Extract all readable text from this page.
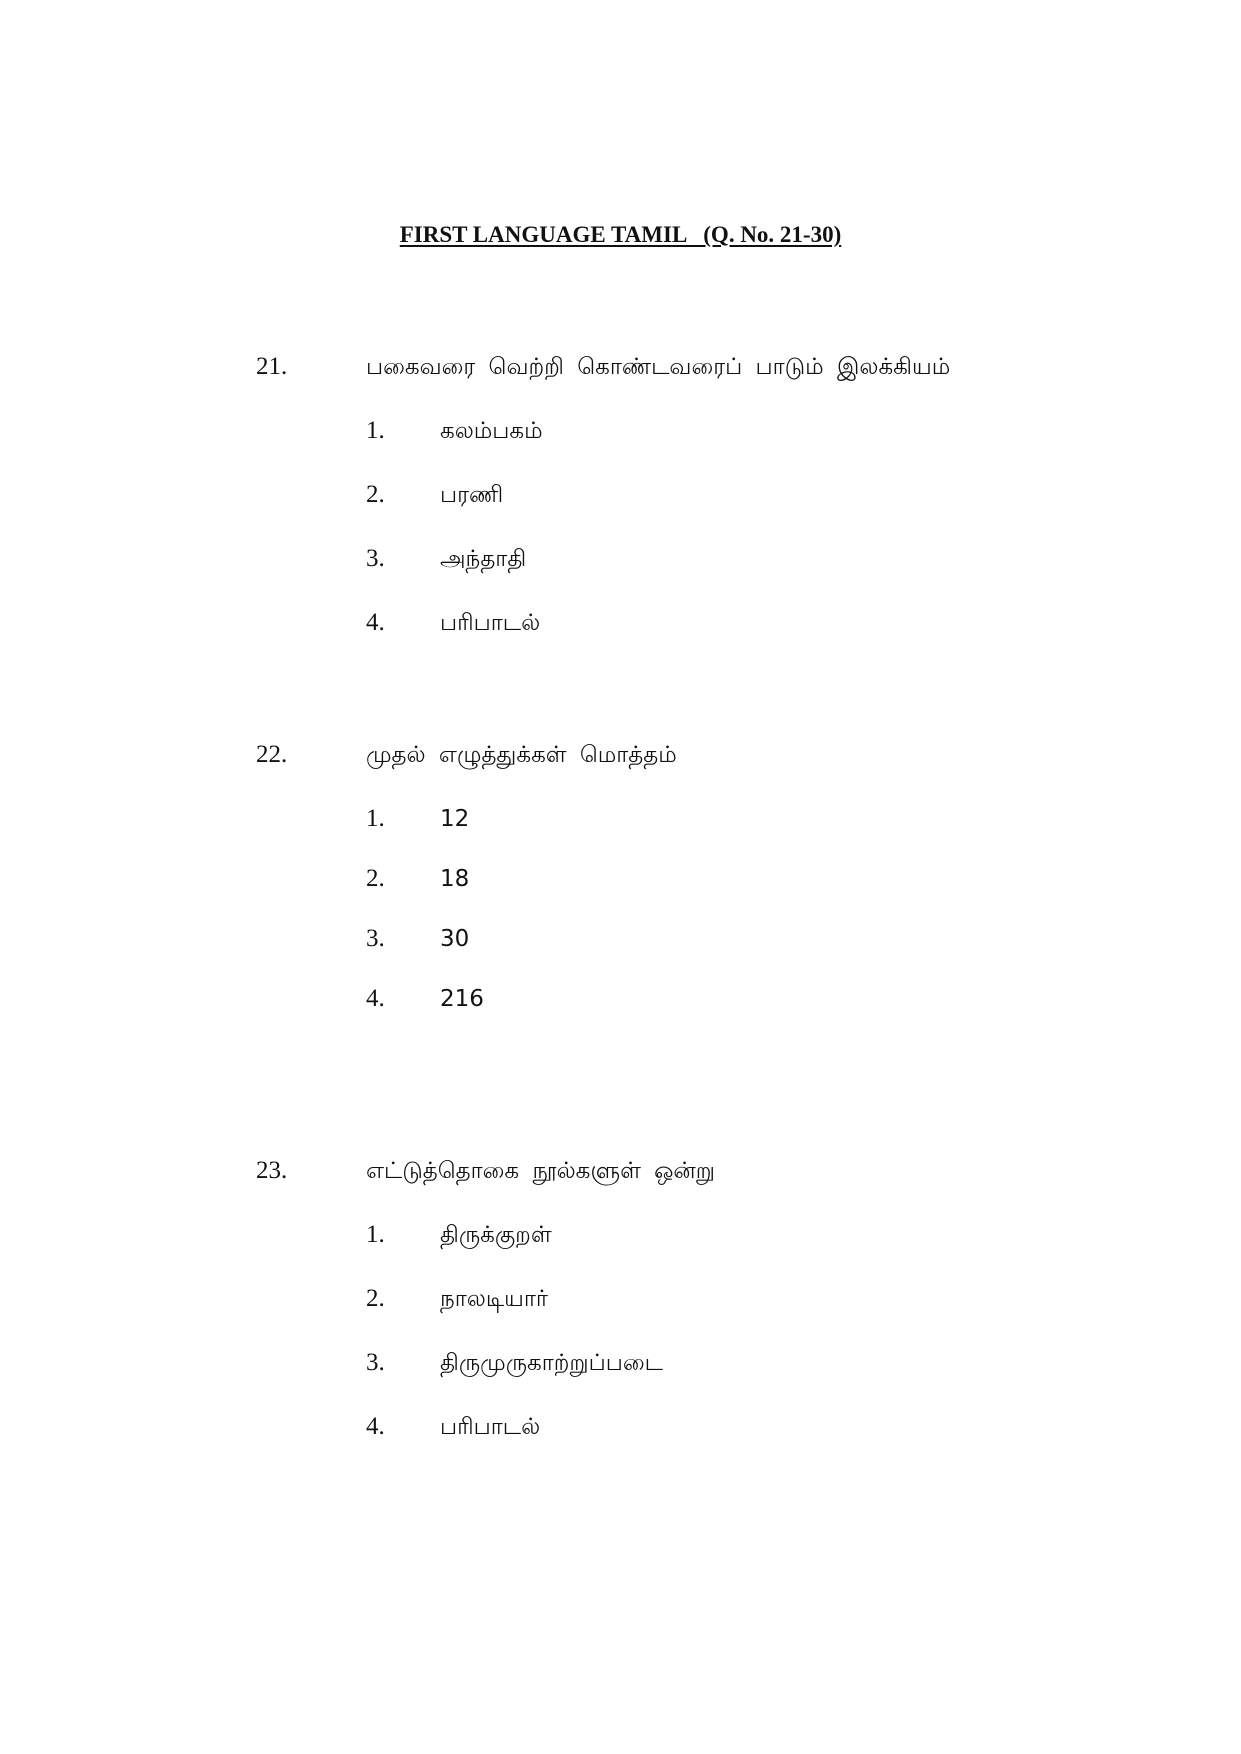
FIRST LANGUAGE TAMIL   (Q. No. 21-30)
21.	பகைவரை வெற்றி கொண்டவரைப் பாடும் இலக்கியம்
1. கலம்பகம்
2. பரணி
3. அந்தாதி
4. பரிபாடல்
22.	முதல் எழுத்துக்கள் மொத்தம்
1. 12
2. 18
3. 30
4. 216
23.	எட்டுத்தொகை நூல்களுள் ஒன்று
1. திருக்குறள்
2. நாலடியார்
3. திருமுருகாற்றுப்படை
4. பரிபாடல்
